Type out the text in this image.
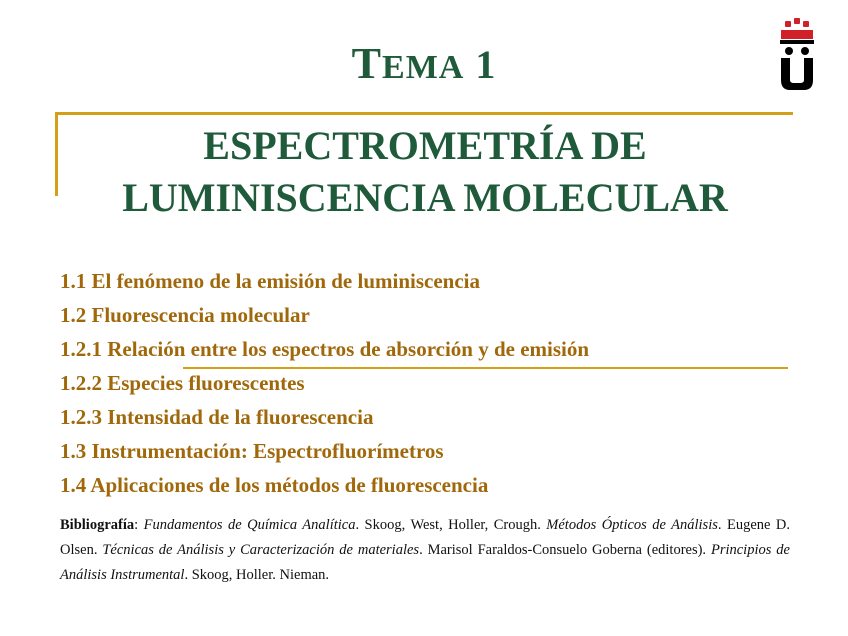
TEMA 1
ESPECTROMETRÍA DE
LUMINISCENCIA MOLECULAR
1.1 El fenómeno de la emisión de luminiscencia
1.2 Fluorescencia molecular
1.2.1 Relación entre los espectros de absorción y de emisión
1.2.2 Especies fluorescentes
1.2.3 Intensidad de la fluorescencia
1.3 Instrumentación: Espectrofluorímetros
1.4 Aplicaciones de los métodos de fluorescencia
Bibliografía: Fundamentos de Química Analítica. Skoog, West, Holler, Crough. Métodos Ópticos de Análisis. Eugene D. Olsen. Técnicas de Análisis y Caracterización de materiales. Marisol Faraldos-Consuelo Goberna (editores). Principios de Análisis Instrumental. Skoog, Holler. Nieman.
